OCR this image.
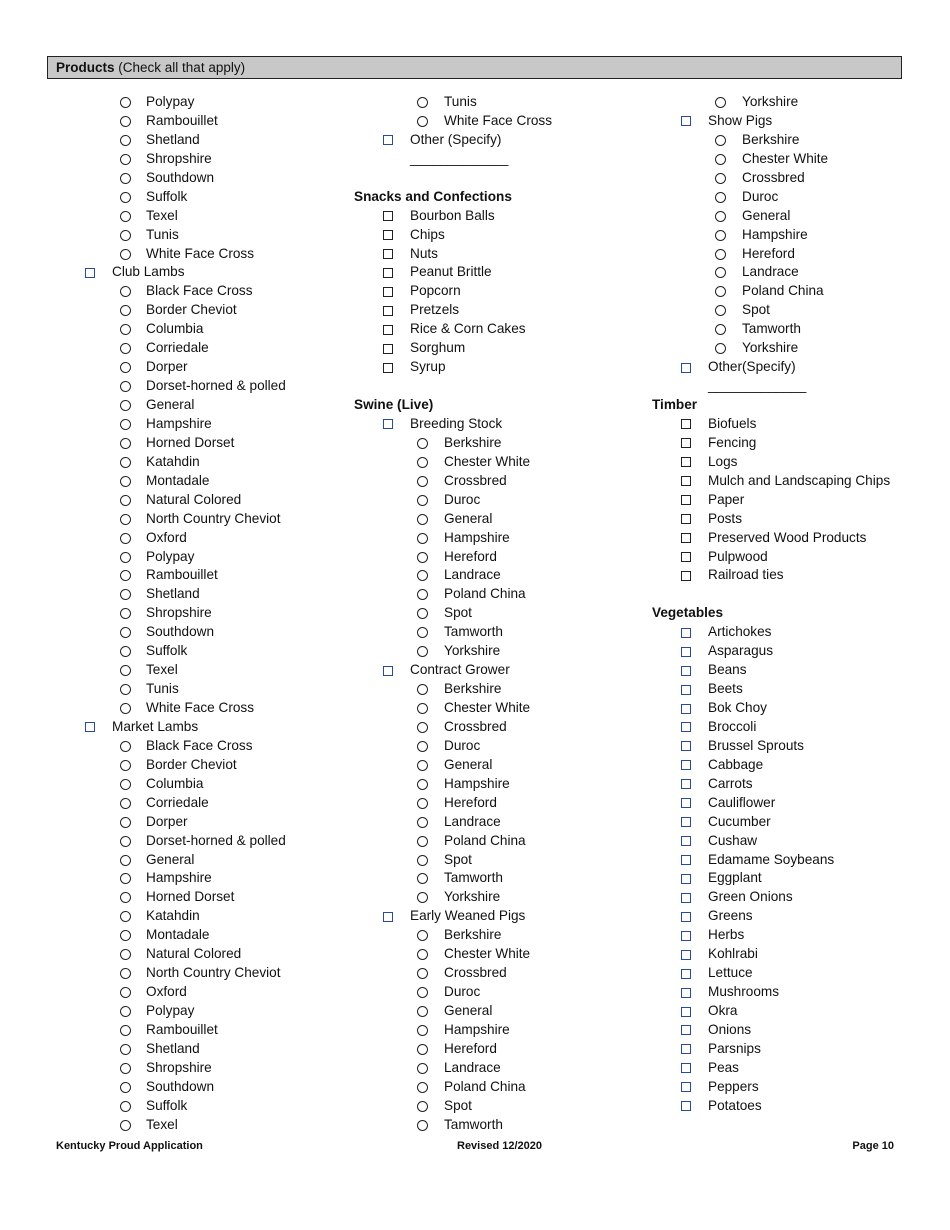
Products (Check all that apply)
Polypay
Rambouillet
Shetland
Shropshire
Southdown
Suffolk
Texel
Tunis
White Face Cross
Club Lambs
Black Face Cross
Border Cheviot
Columbia
Corriedale
Dorper
Dorset-horned & polled
General
Hampshire
Horned Dorset
Katahdin
Montadale
Natural Colored
North Country Cheviot
Oxford
Polypay
Rambouillet
Shetland
Shropshire
Southdown
Suffolk
Texel
Tunis
White Face Cross
Market Lambs
Black Face Cross
Border Cheviot
Columbia
Corriedale
Dorper
Dorset-horned & polled
General
Hampshire
Horned Dorset
Katahdin
Montadale
Natural Colored
North Country Cheviot
Oxford
Polypay
Rambouillet
Shetland
Shropshire
Southdown
Suffolk
Texel
Tunis
White Face Cross
Other (Specify)
_____________
Snacks and Confections
Bourbon Balls
Chips
Nuts
Peanut Brittle
Popcorn
Pretzels
Rice & Corn Cakes
Sorghum
Syrup
Swine (Live)
Breeding Stock
Berkshire
Chester White
Crossbred
Duroc
General
Hampshire
Hereford
Landrace
Poland China
Spot
Tamworth
Yorkshire
Contract Grower
Berkshire
Chester White
Crossbred
Duroc
General
Hampshire
Hereford
Landrace
Poland China
Spot
Tamworth
Yorkshire
Early Weaned Pigs
Berkshire
Chester White
Crossbred
Duroc
General
Hampshire
Hereford
Landrace
Poland China
Spot
Tamworth
Yorkshire
Show Pigs
Berkshire
Chester White
Crossbred
Duroc
General
Hampshire
Hereford
Landrace
Poland China
Spot
Tamworth
Yorkshire
Other(Specify)
_____________
Timber
Biofuels
Fencing
Logs
Mulch and Landscaping Chips
Paper
Posts
Preserved Wood Products
Pulpwood
Railroad ties
Vegetables
Artichokes
Asparagus
Beans
Beets
Bok Choy
Broccoli
Brussel Sprouts
Cabbage
Carrots
Cauliflower
Cucumber
Cushaw
Edamame Soybeans
Eggplant
Green Onions
Greens
Herbs
Kohlrabi
Lettuce
Mushrooms
Okra
Onions
Parsnips
Peas
Peppers
Potatoes
Kentucky Proud Application	Revised 12/2020	Page 10
